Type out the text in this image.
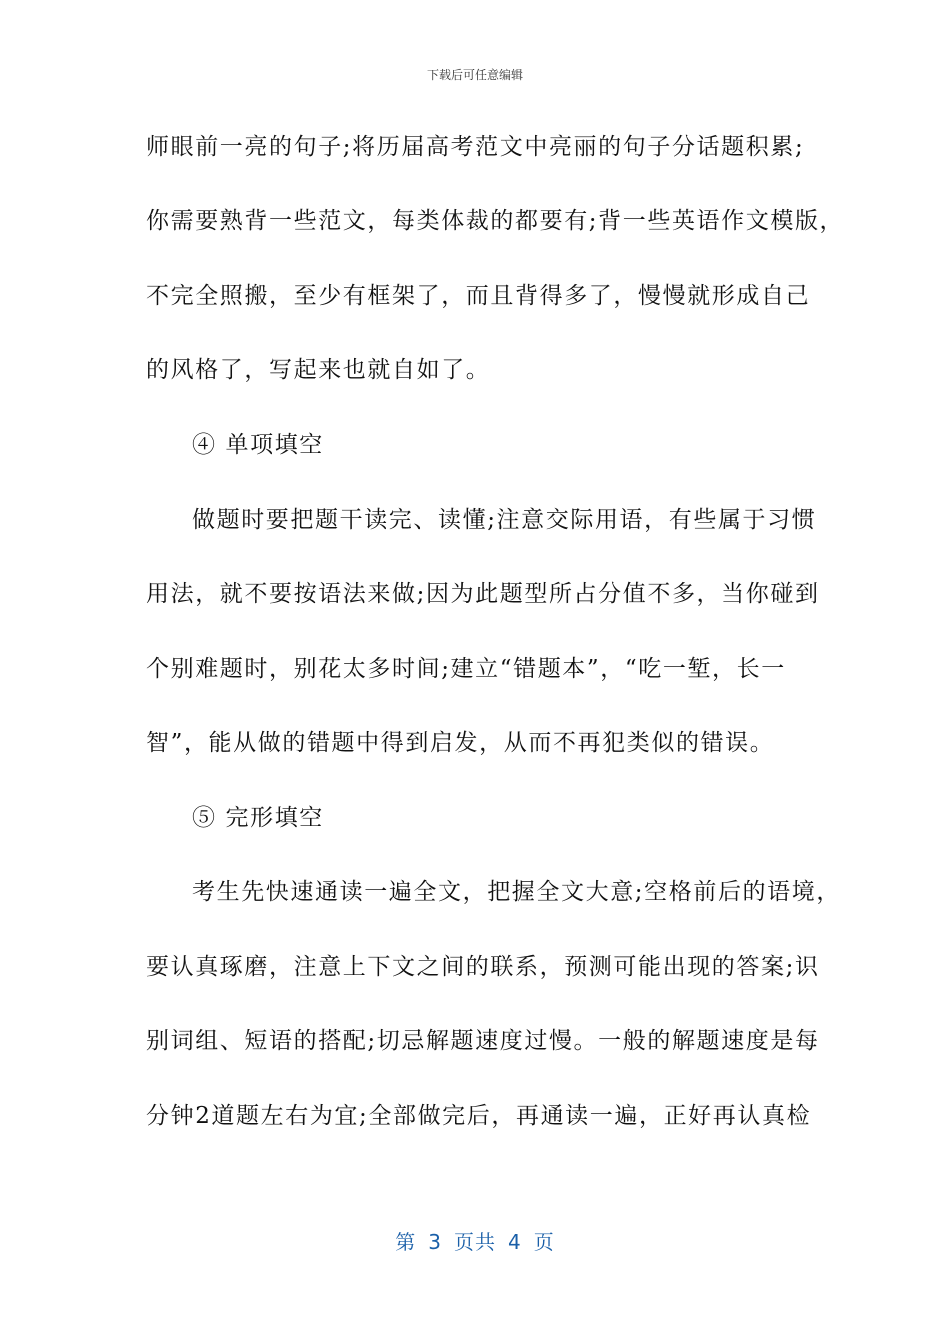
下载后可任意编辑
师眼前一亮的句子;将历届高考范文中亮丽的句子分话题积累;
你需要熟背一些范文，每类体裁的都要有;背一些英语作文模版，
不完全照搬，至少有框架了，而且背得多了，慢慢就形成自己
的风格了，写起来也就自如了。
④ 单项填空
做题时要把题干读完、读懂;注意交际用语，有些属于习惯
用法，就不要按语法来做;因为此题型所占分值不多，当你碰到
个别难题时，别花太多时间;建立“错题本”，“吃一堑，长一
智”，能从做的错题中得到启发，从而不再犯类似的错误。
⑤ 完形填空
考生先快速通读一遍全文，把握全文大意;空格前后的语境，
要认真琢磨，注意上下文之间的联系，预测可能出现的答案;识
别词组、短语的搭配;切忌解题速度过慢。一般的解题速度是每
分钟2道题左右为宜;全部做完后，再通读一遍，正好再认真检
第 3 页共 4 页
